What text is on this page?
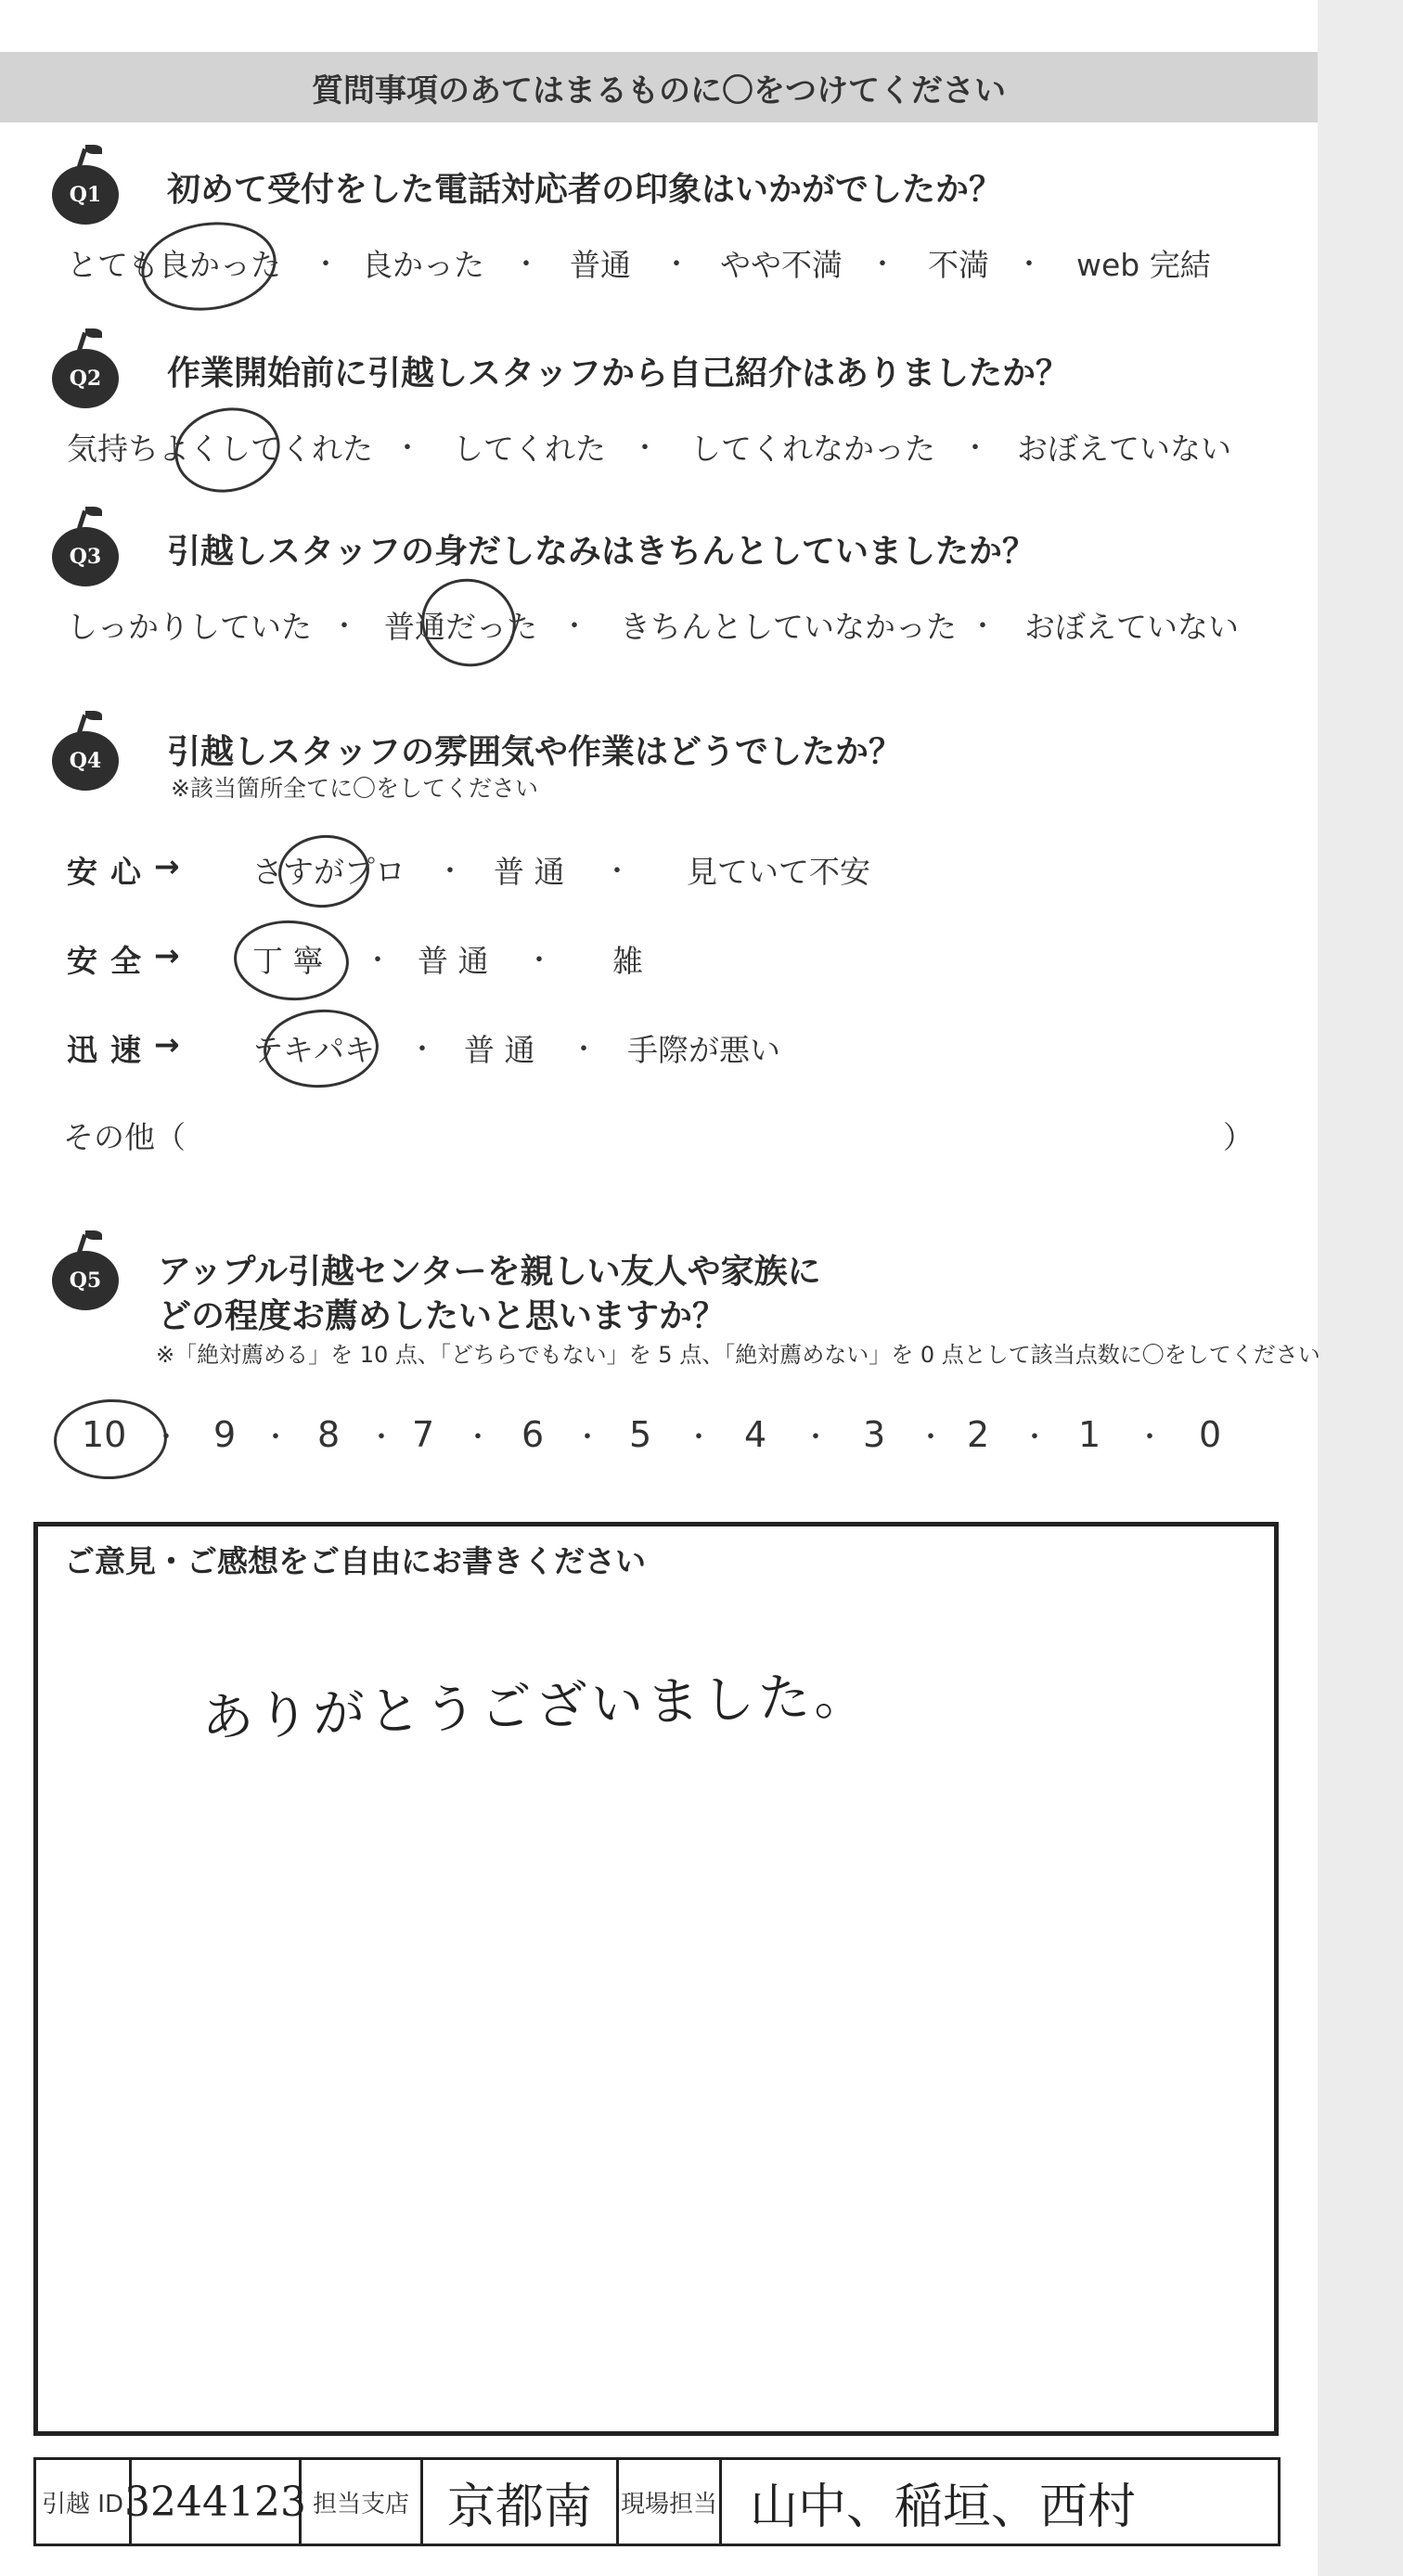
質問事項のあてはまるものに〇をつけてください
Q1 初めて受付をした電話対応者の印象はいかがでしたか？
とても良かった ・ 良かった ・ 普通 ・ やや不満 ・ 不満 ・ web 完結
Q2 作業開始前に引越しスタッフから自己紹介はありましたか？
気持ちよくしてくれた ・ してくれた ・ してくれなかった ・ おぼえていない
Q3 引越しスタッフの身だしなみはきちんとしていましたか？
しっかりしていた ・ 普通だった ・ きちんとしていなかった ・ おぼえていない
Q4 引越しスタッフの雰囲気や作業はどうでしたか？
※該当箇所全てに〇をしてください
安心 → さすがプロ ・ 普 通 ・ 見ていて不安
安全 → 丁 寧 ・ 普 通 ・ 雑
迅速 → テキパキ ・ 普 通 ・ 手際が悪い
その他（	）
Q5 アップル引越センターを親しい友人や家族に
どの程度お薦めしたいと思いますか？
※「絶対薦める」を 10 点、「どちらでもない」を 5 点、「絶対薦めない」を 0 点として該当点数に〇をしてください
10 ・ 9 ・ 8 ・ 7 ・ 6 ・ 5 ・ 4 ・ 3 ・ 2 ・ 1 ・ 0
ご意見・ご感想をご自由にお書きください
ありがとうございました。
引越 ID 3244123 担当支店 京都南 現場担当 山中、稲垣、西村
